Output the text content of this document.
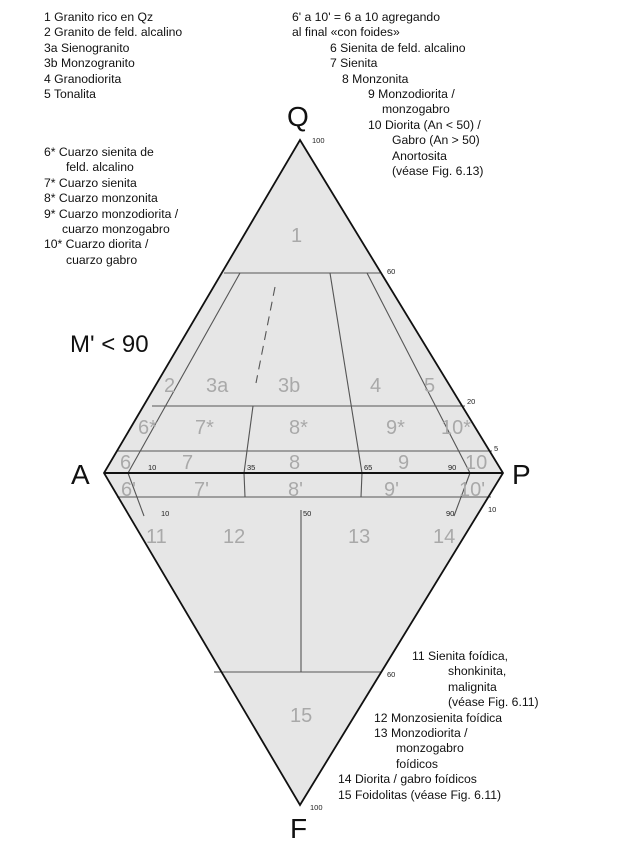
Q
A	P
F
M' < 90
1
2 3a 3b	4 5
6* 7*	8*	9* 10*
6	7	8	9	10
6'	7'	8'	9'	10'
11	12	13	14
15
100
60
20
5
10	35	65	90
10	50	90	10
60
100
1 Granito rico en Qz
2 Granito de feld. alcalino
3a Sienogranito
3b Monzogranito
4 Granodiorita
5 Tonalita
6* Cuarzo sienita de
feld. alcalino
7* Cuarzo sienita
8* Cuarzo monzonita
9* Cuarzo monzodiorita /
cuarzo monzogabro
10* Cuarzo diorita /
cuarzo gabro
6' a 10' = 6 a 10 agregando
al final «con foides»
6 Sienita de feld. alcalino
7 Sienita
8 Monzonita
9 Monzodiorita /
monzogabro
10 Diorita (An < 50) /
Gabro (An > 50)
Anortosita
(véase Fig. 6.13)
11 Sienita foídica,
shonkinita,
malignita
(véase Fig. 6.11)
12 Monzosienita foídica
13 Monzodiorita /
monzogabro
foídicos
14 Diorita / gabro foídicos
15 Foidolitas (véase Fig. 6.11)
